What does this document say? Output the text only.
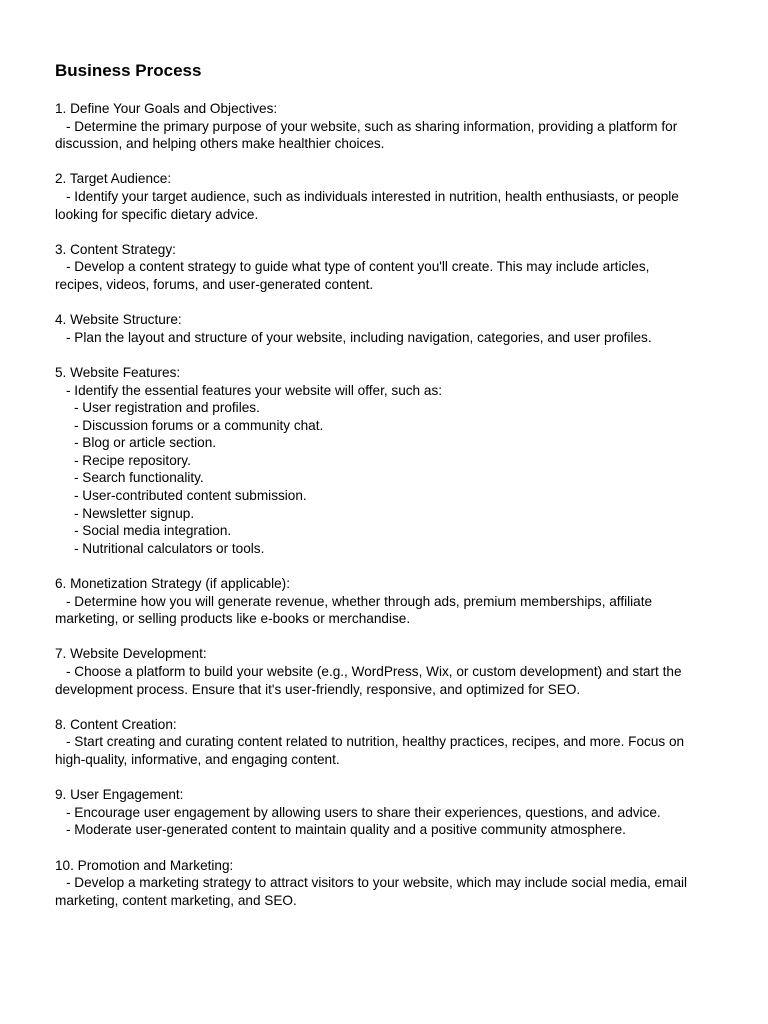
Business Process
1. Define Your Goals and Objectives:
- Determine the primary purpose of your website, such as sharing information, providing a platform for discussion, and helping others make healthier choices.
2. Target Audience:
- Identify your target audience, such as individuals interested in nutrition, health enthusiasts, or people looking for specific dietary advice.
3. Content Strategy:
- Develop a content strategy to guide what type of content you'll create. This may include articles, recipes, videos, forums, and user-generated content.
4. Website Structure:
- Plan the layout and structure of your website, including navigation, categories, and user profiles.
5. Website Features:
- Identify the essential features your website will offer, such as:
- User registration and profiles.
- Discussion forums or a community chat.
- Blog or article section.
- Recipe repository.
- Search functionality.
- User-contributed content submission.
- Newsletter signup.
- Social media integration.
- Nutritional calculators or tools.
6. Monetization Strategy (if applicable):
- Determine how you will generate revenue, whether through ads, premium memberships, affiliate marketing, or selling products like e-books or merchandise.
7. Website Development:
- Choose a platform to build your website (e.g., WordPress, Wix, or custom development) and start the development process. Ensure that it's user-friendly, responsive, and optimized for SEO.
8. Content Creation:
- Start creating and curating content related to nutrition, healthy practices, recipes, and more. Focus on high-quality, informative, and engaging content.
9. User Engagement:
- Encourage user engagement by allowing users to share their experiences, questions, and advice.
- Moderate user-generated content to maintain quality and a positive community atmosphere.
10. Promotion and Marketing:
- Develop a marketing strategy to attract visitors to your website, which may include social media, email marketing, content marketing, and SEO.
